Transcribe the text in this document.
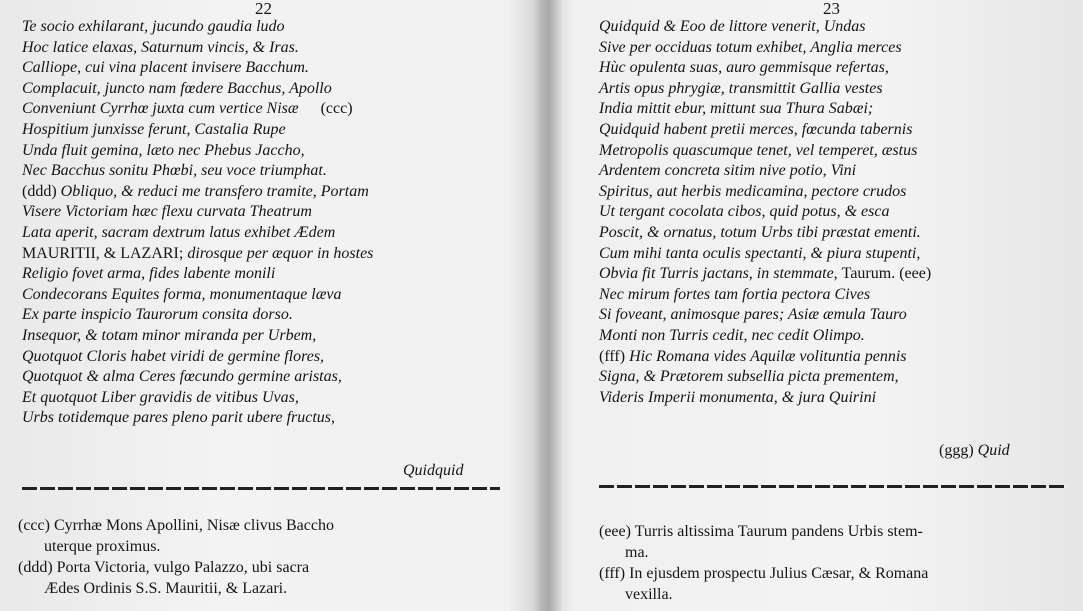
22
Te socio exhilarant, jucundo gaudia ludo
Hoc latice elaxas, Saturnum vincis, & Iras.
Calliope, cui vina placent invisere Bacchum.
Complacuit, juncto nam fœdere Bacchus, Apollo
Conveniunt Cyrrhœ juxta cum vertice Nisæ (ccc)
Hospitium junxisse ferunt, Castalia Rupe
Unda fluit gemina, læto nec Phebus Jaccho,
Nec Bacchus sonitu Phœbi, seu voce triumphat.
(ddd) Obliquo, & reduci me transfero tramite, Portam
Visere Victoriam hæc flexu curvata Theatrum
Lata aperit, sacram dextrum latus exhibet Ædem
MAURITII, & LAZARI; dirosque per æquor in hostes
Religio fovet arma, fides labente monili
Condecorans Equites forma, monumentaque læva
Ex parte inspicio Taurorum consita dorso.
Insequor, & totam minor miranda per Urbem,
Quotquot Cloris habet viridi de germine flores,
Quotquot & alma Ceres fœcundo germine aristas,
Et quotquot Liber gravidis de vitibus Uvas,
Urbs totidemque pares pleno parit ubere fructus,
Quidquid
(ccc) Cyrrhæ Mons Apollini, Nisæ clivus Baccho
uterque proximus.
(ddd) Porta Victoria, vulgo Palazzo, ubi sacra
Ædes Ordinis S.S. Mauritii, & Lazari.
23
Quidquid & Eoo de littore venerit, Undas
Sive per occiduas totum exhibet, Anglia merces
Hùc opulenta suas, auro gemmisque refertas,
Artis opus phrygiæ, transmittit Gallia vestes
India mittit ebur, mittunt sua Thura Sabæi;
Quidquid habent pretii merces, fœcunda tabernis
Metropolis quascumque tenet, vel temperet, æstus
Ardentem concreta sitim nive potio, Vini
Spiritus, aut herbis medicamina, pectore crudos
Ut tergant cocolata cibos, quid potus, & esca
Poscit, & ornatus, totum Urbs tibi præstat ementi.
Cum mihi tanta oculis spectanti, & piura stupenti,
Obvia fit Turris jactans, in stemmate, Taurum. (eee)
Nec mirum fortes tam fortia pectora Cives
Si foveant, animosque pares; Asiæ æmula Tauro
Monti non Turris cedit, nec cedit Olimpo.
(fff) Hic Romana vides Aquilæ volituntia pennis
Signa, & Prætorem subsellia picta prementem,
Videris Imperii monumenta, & jura Quirini
(ggg) Quid
(eee) Turris altissima Taurum pandens Urbis stem-
ma.
(fff) In ejusdem prospectu Julius Cæsar, & Romana
vexilla.
